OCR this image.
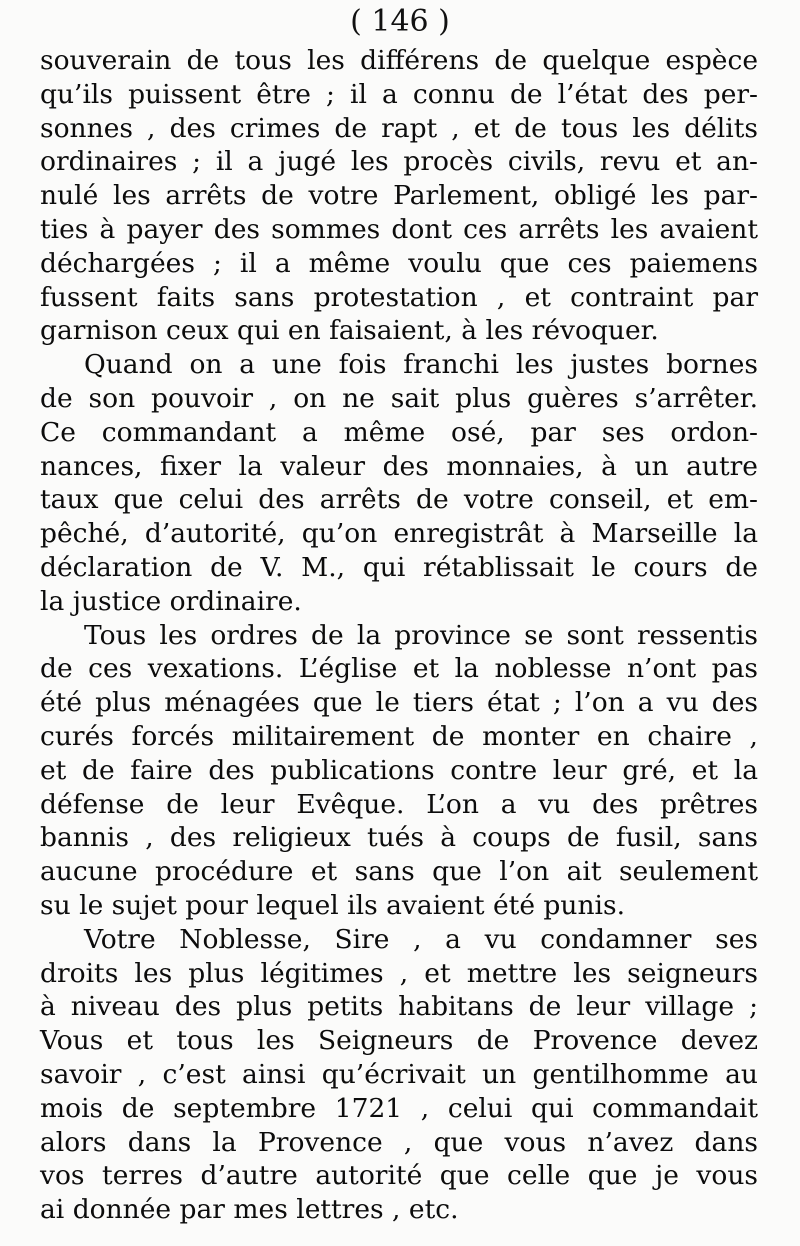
( 146 )
souverain de tous les différens de quelque espèce
qu’ils puissent être ; il a connu de l’état des per-
sonnes , des crimes de rapt , et de tous les délits
ordinaires ; il a jugé les procès civils, revu et an-
nulé les arrêts de votre Parlement, obligé les par-
ties à payer des sommes dont ces arrêts les avaient
déchargées ; il a même voulu que ces paiemens
fussent faits sans protestation , et contraint par
garnison ceux qui en faisaient, à les révoquer.
Quand on a une fois franchi les justes bornes
de son pouvoir , on ne sait plus guères s’arrêter.
Ce commandant a même osé, par ses ordon-
nances, fixer la valeur des monnaies, à un autre
taux que celui des arrêts de votre conseil, et em-
pêché, d’autorité, qu’on enregistrât à Marseille la
déclaration de V. M., qui rétablissait le cours de
la justice ordinaire.
Tous les ordres de la province se sont ressentis
de ces vexations. L’église et la noblesse n’ont pas
été plus ménagées que le tiers état ; l’on a vu des
curés forcés militairement de monter en chaire ,
et de faire des publications contre leur gré, et la
défense de leur Evêque. L’on a vu des prêtres
bannis , des religieux tués à coups de fusil, sans
aucune procédure et sans que l’on ait seulement
su le sujet pour lequel ils avaient été punis.
Votre Noblesse, Sire , a vu condamner ses
droits les plus légitimes , et mettre les seigneurs
à niveau des plus petits habitans de leur village ;
Vous et tous les Seigneurs de Provence devez
savoir , c’est ainsi qu’écrivait un gentilhomme au
mois de septembre 1721 , celui qui commandait
alors dans la Provence , que vous n’avez dans
vos terres d’autre autorité que celle que je vous
ai donnée par mes lettres , etc.
